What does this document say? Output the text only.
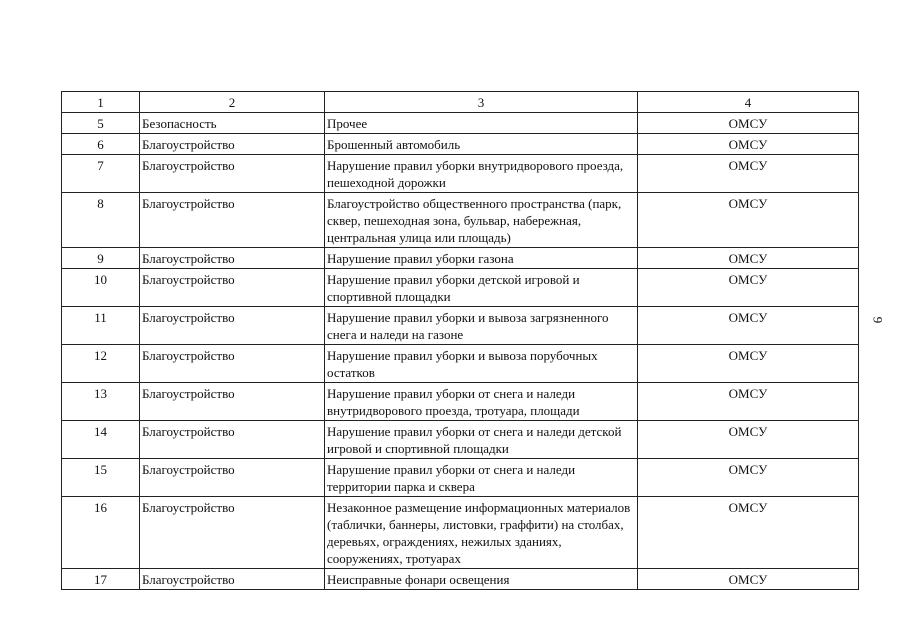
1	2	3	4
5	Безопасность	Прочее	ОМСУ
6	Благоустройство	Брошенный автомобиль	ОМСУ
7	Благоустройство	Нарушение правил уборки внутридворового проезда, пешеходной дорожки	ОМСУ
8	Благоустройство	Благоустройство общественного пространства (парк, сквер, пешеходная зона, бульвар, набережная, центральная улица или площадь)	ОМСУ
9	Благоустройство	Нарушение правил уборки газона	ОМСУ
10	Благоустройство	Нарушение правил уборки детской игровой и спортивной площадки	ОМСУ
11	Благоустройство	Нарушение правил уборки и вывоза загрязненного снега и наледи на газоне	ОМСУ
12	Благоустройство	Нарушение правил уборки и вывоза порубочных остатков	ОМСУ
13	Благоустройство	Нарушение правил уборки от снега и наледи внутридворового проезда, тротуара, площади	ОМСУ
14	Благоустройство	Нарушение правил уборки от снега и наледи детской игровой и спортивной площадки	ОМСУ
15	Благоустройство	Нарушение правил уборки от снега и наледи территории парка и сквера	ОМСУ
16	Благоустройство	Незаконное размещение информационных материалов (таблички, баннеры, листовки, граффити) на столбах, деревьях, ограждениях, нежилых зданиях, сооружениях, тротуарах	ОМСУ
17	Благоустройство	Неисправные фонари освещения	ОМСУ
9
